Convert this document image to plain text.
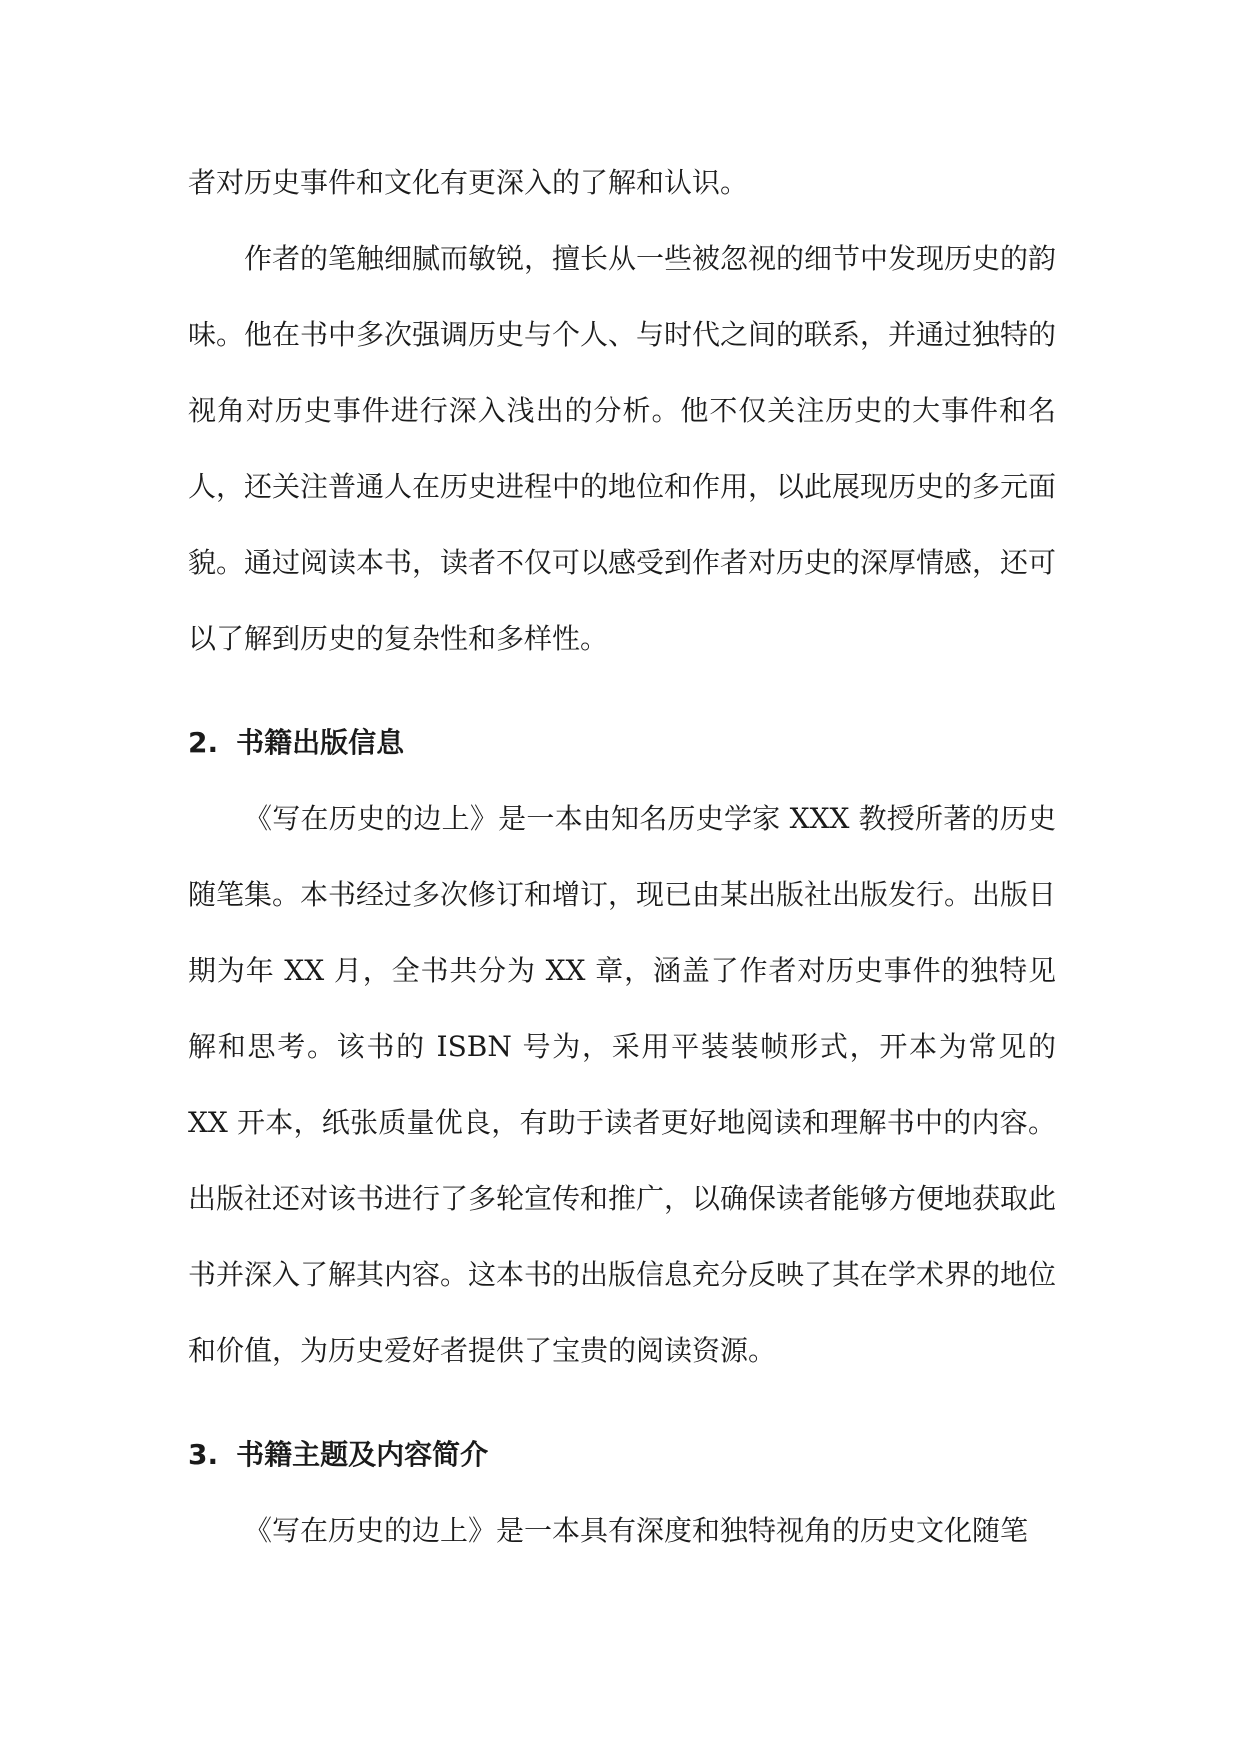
者对历史事件和文化有更深入的了解和认识。

作者的笔触细腻而敏锐，擅长从一些被忽视的细节中发现历史的韵味。他在书中多次强调历史与个人、与时代之间的联系，并通过独特的视角对历史事件进行深入浅出的分析。他不仅关注历史的大事件和名人，还关注普通人在历史进程中的地位和作用，以此展现历史的多元面貌。通过阅读本书，读者不仅可以感受到作者对历史的深厚情感，还可以了解到历史的复杂性和多样性。

2. 书籍出版信息

《写在历史的边上》是一本由知名历史学家 XXX 教授所著的历史随笔集。本书经过多次修订和增订，现已由某出版社出版发行。出版日期为年 XX 月，全书共分为 XX 章，涵盖了作者对历史事件的独特见解和思考。该书的 ISBN 号为，采用平装装帧形式，开本为常见的 XX 开本，纸张质量优良，有助于读者更好地阅读和理解书中的内容。出版社还对该书进行了多轮宣传和推广，以确保读者能够方便地获取此书并深入了解其内容。这本书的出版信息充分反映了其在学术界的地位和价值，为历史爱好者提供了宝贵的阅读资源。

3. 书籍主题及内容简介

《写在历史的边上》是一本具有深度和独特视角的历史文化随笔
